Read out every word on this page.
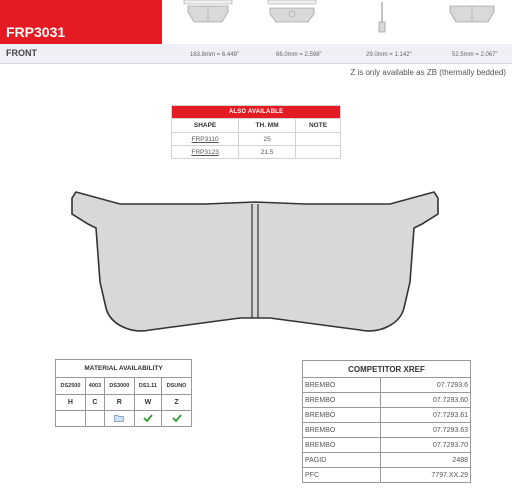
FRP3031
FRONT	163.8mm = 6.449"	66.0mm = 2.598"	29.0mm = 1.142"	52.5mm = 2.067"
Z is only available as ZB (thermally bedded)
ALSO AVAILABLE		
SHAPE	TH. MM	NOTE
FRP3110	25	
FRP3123	21.5	
MATERIAL AVAILABILITY				
DS2500	4003	DS3000	DS1.11	DSUNO
H	C	R	W	Z

COMPETITOR XREF	
BREMBO	07.7293.6
BREMBO	07.7293.60
BREMBO	07.7293.61
BREMBO	07.7293.63
BREMBO	07.7293.70
PAGID	2488
PFC	7797.XX.29
